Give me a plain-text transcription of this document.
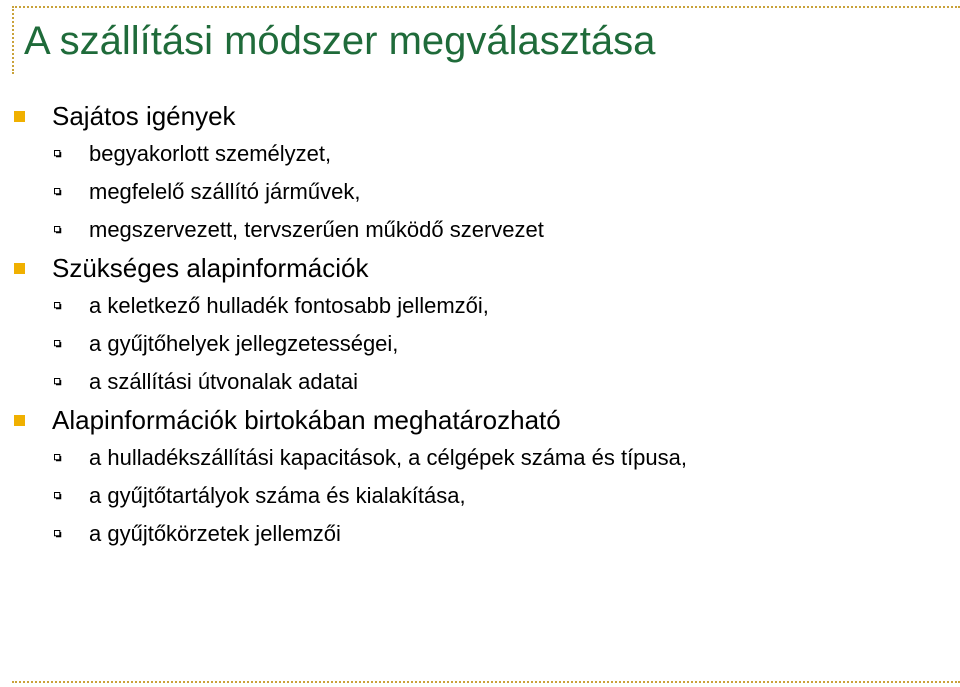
A szállítási módszer megválasztása
Sajátos igények
begyakorlott személyzet,
megfelelő szállító járművek,
megszervezett, tervszerűen működő szervezet
Szükséges alapinformációk
a keletkező hulladék fontosabb jellemzői,
a gyűjtőhelyek jellegzetességei,
a szállítási útvonalak adatai
Alapinformációk birtokában meghatározható
a hulladékszállítási kapacitások, a célgépek száma és típusa,
a gyűjtőtartályok száma és kialakítása,
a gyűjtőkörzetek jellemzői
